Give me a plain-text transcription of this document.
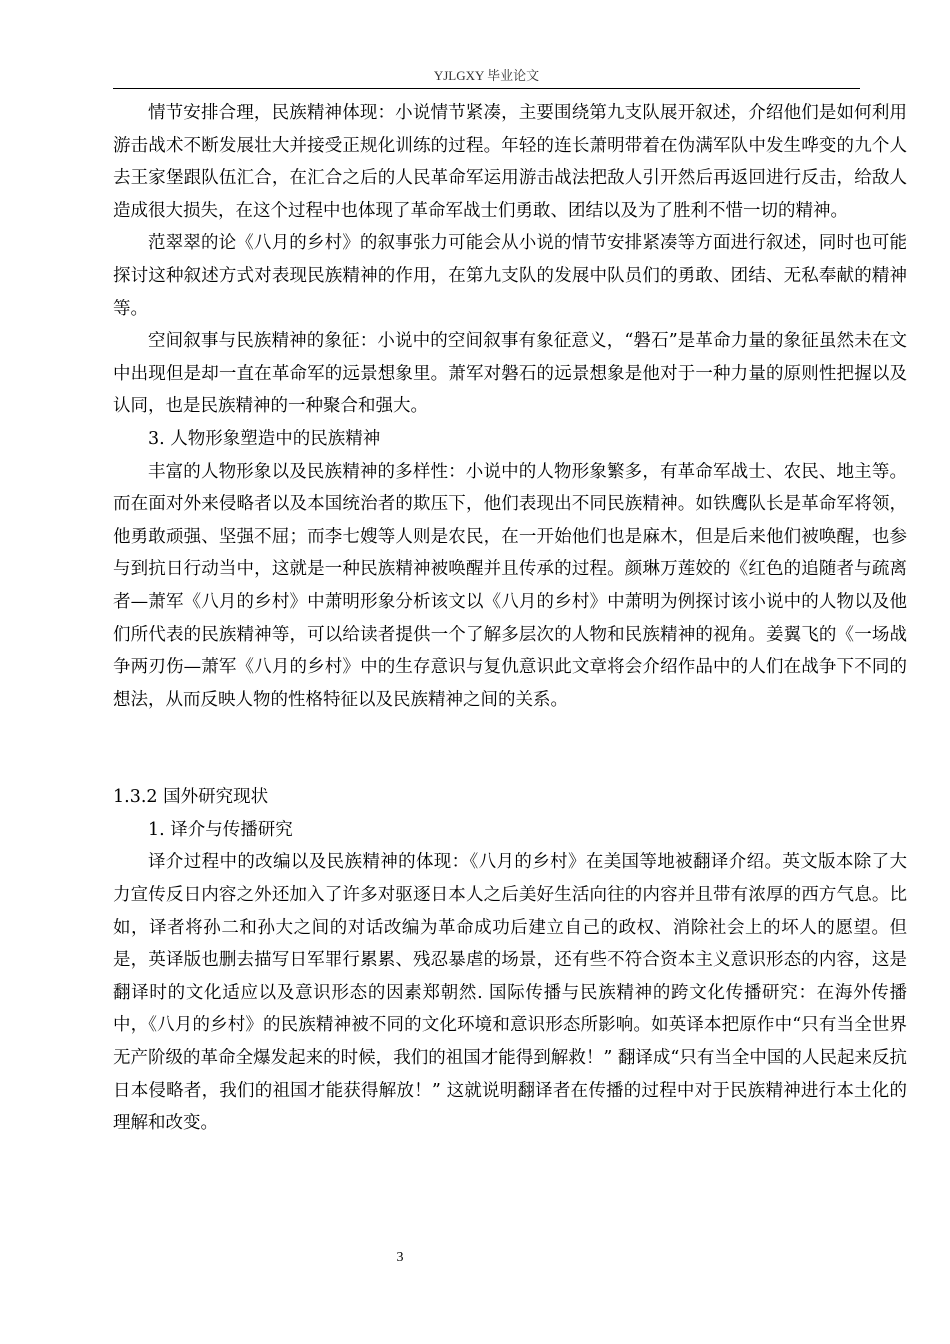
YJLGXY 毕业论文

情节安排合理，民族精神体现：小说情节紧凑，主要围绕第九支队展开叙述，介绍他们是如何利用游击战术不断发展壮大并接受正规化训练的过程。年轻的连长萧明带着在伪满军队中发生哗变的九个人去王家堡跟队伍汇合，在汇合之后的人民革命军运用游击战法把敌人引开然后再返回进行反击，给敌人造成很大损失，在这个过程中也体现了革命军战士们勇敢、团结以及为了胜利不惜一切的精神。

范翠翠的论《八月的乡村》的叙事张力可能会从小说的情节安排紧凑等方面进行叙述，同时也可能探讨这种叙述方式对表现民族精神的作用，在第九支队的发展中队员们的勇敢、团结、无私奉献的精神等。

空间叙事与民族精神的象征：小说中的空间叙事有象征意义，“磐石”是革命力量的象征虽然未在文中出现但是却一直在革命军的远景想象里。萧军对磐石的远景想象是他对于一种力量的原则性把握以及认同，也是民族精神的一种聚合和强大。

3. 人物形象塑造中的民族精神

丰富的人物形象以及民族精神的多样性：小说中的人物形象繁多，有革命军战士、农民、地主等。而在面对外来侵略者以及本国统治者的欺压下，他们表现出不同民族精神。如铁鹰队长是革命军将领，他勇敢顽强、坚强不屈；而李七嫂等人则是农民，在一开始他们也是麻木，但是后来他们被唤醒，也参与到抗日行动当中，这就是一种民族精神被唤醒并且传承的过程。颜琳万莲姣的《红色的追随者与疏离者—萧军《八月的乡村》中萧明形象分析该文以《八月的乡村》中萧明为例探讨该小说中的人物以及他们所代表的民族精神等，可以给读者提供一个了解多层次的人物和民族精神的视角。姜翼飞的《一场战争两刃伤—萧军《八月的乡村》中的生存意识与复仇意识此文章将会介绍作品中的人们在战争下不同的想法，从而反映人物的性格特征以及民族精神之间的关系。

1.3.2 国外研究现状

1. 译介与传播研究

译介过程中的改编以及民族精神的体现：《八月的乡村》在美国等地被翻译介绍。英文版本除了大力宣传反日内容之外还加入了许多对驱逐日本人之后美好生活向往的内容并且带有浓厚的西方气息。比如，译者将孙二和孙大之间的对话改编为革命成功后建立自己的政权、消除社会上的坏人的愿望。但是，英译版也删去描写日军罪行累累、残忍暴虐的场景，还有些不符合资本主义意识形态的内容，这是翻译时的文化适应以及意识形态的因素郑朝然. 国际传播与民族精神的跨文化传播研究：在海外传播中，《八月的乡村》的民族精神被不同的文化环境和意识形态所影响。如英译本把原作中“只有当全世界无产阶级的革命全爆发起来的时候，我们的祖国才能得到解救！” 翻译成“只有当全中国的人民起来反抗日本侵略者，我们的祖国才能获得解放！” 这就说明翻译者在传播的过程中对于民族精神进行本土化的理解和改变。

3
